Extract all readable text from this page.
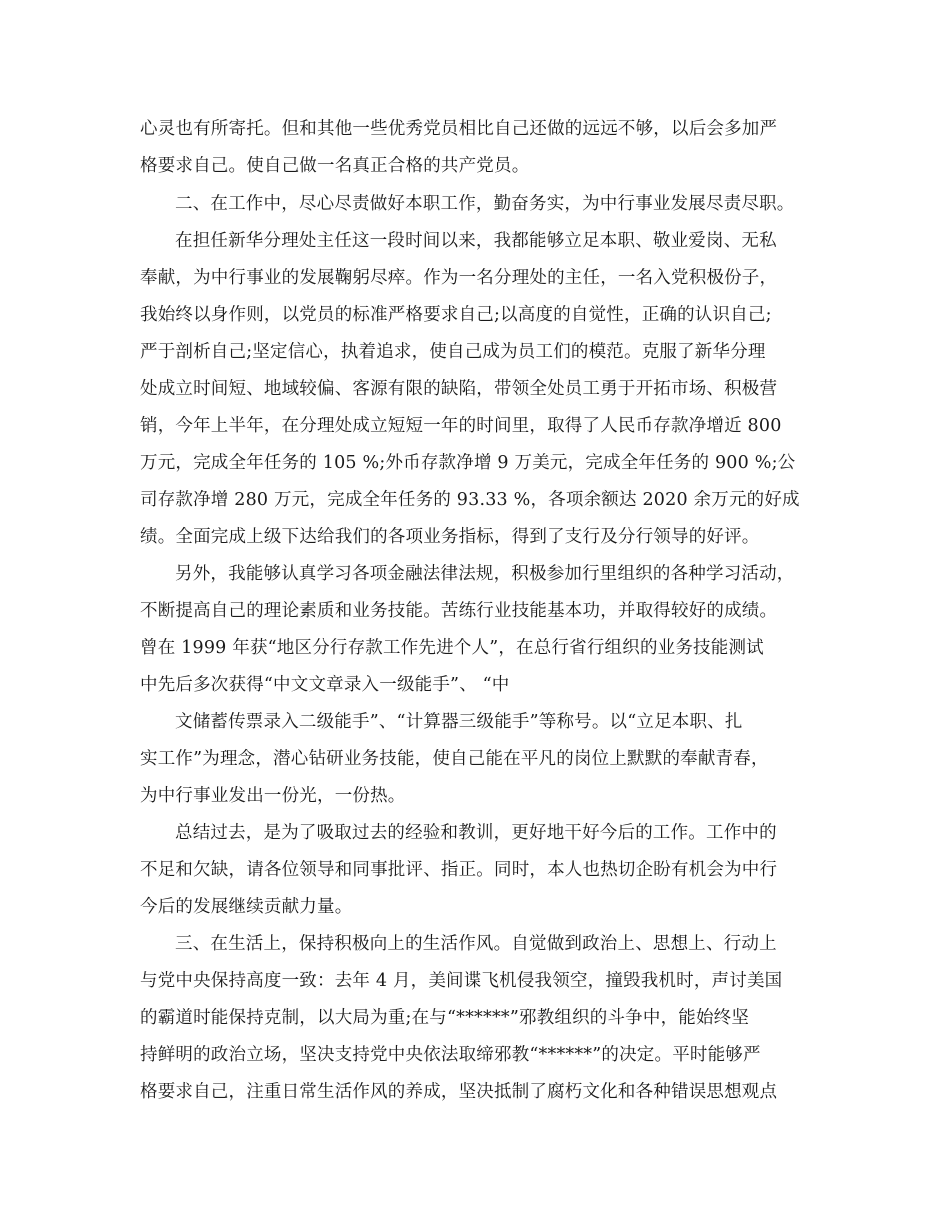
心灵也有所寄托。但和其他一些优秀党员相比自己还做的远远不够，以后会多加严
格要求自己。使自己做一名真正合格的共产党员。
二、在工作中，尽心尽责做好本职工作，勤奋务实，为中行事业发展尽责尽职。
在担任新华分理处主任这一段时间以来，我都能够立足本职、敬业爱岗、无私
奉献，为中行事业的发展鞠躬尽瘁。作为一名分理处的主任，一名入党积极份子，
我始终以身作则，以党员的标准严格要求自己;以高度的自觉性，正确的认识自己;
严于剖析自己;坚定信心，执着追求，使自己成为员工们的模范。克服了新华分理
处成立时间短、地域较偏、客源有限的缺陷，带领全处员工勇于开拓市场、积极营
销，今年上半年，在分理处成立短短一年的时间里，取得了人民币存款净增近 800
万元，完成全年任务的 105 %;外币存款净增 9 万美元，完成全年任务的 900 %;公
司存款净增 280 万元，完成全年任务的 93.33 %，各项余额达 2020 余万元的好成
绩。全面完成上级下达给我们的各项业务指标，得到了支行及分行领导的好评。
另外，我能够认真学习各项金融法律法规，积极参加行里组织的各种学习活动，
不断提高自己的理论素质和业务技能。苦练行业技能基本功，并取得较好的成绩。
曾在 1999 年获“地区分行存款工作先进个人”，在总行省行组织的业务技能测试
中先后多次获得“中文文章录入一级能手”、 “中
文储蓄传票录入二级能手”、“计算器三级能手”等称号。以“立足本职、扎
实工作”为理念，潜心钻研业务技能，使自己能在平凡的岗位上默默的奉献青春，
为中行事业发出一份光，一份热。
总结过去，是为了吸取过去的经验和教训，更好地干好今后的工作。工作中的
不足和欠缺，请各位领导和同事批评、指正。同时，本人也热切企盼有机会为中行
今后的发展继续贡献力量。
三、在生活上，保持积极向上的生活作风。自觉做到政治上、思想上、行动上
与党中央保持高度一致：去年 4 月，美间谍飞机侵我领空，撞毁我机时，声讨美国
的霸道时能保持克制，以大局为重;在与“******”邪教组织的斗争中，能始终坚
持鲜明的政治立场，坚决支持党中央依法取缔邪教“******”的决定。平时能够严
格要求自己，注重日常生活作风的养成，坚决抵制了腐朽文化和各种错误思想观点
